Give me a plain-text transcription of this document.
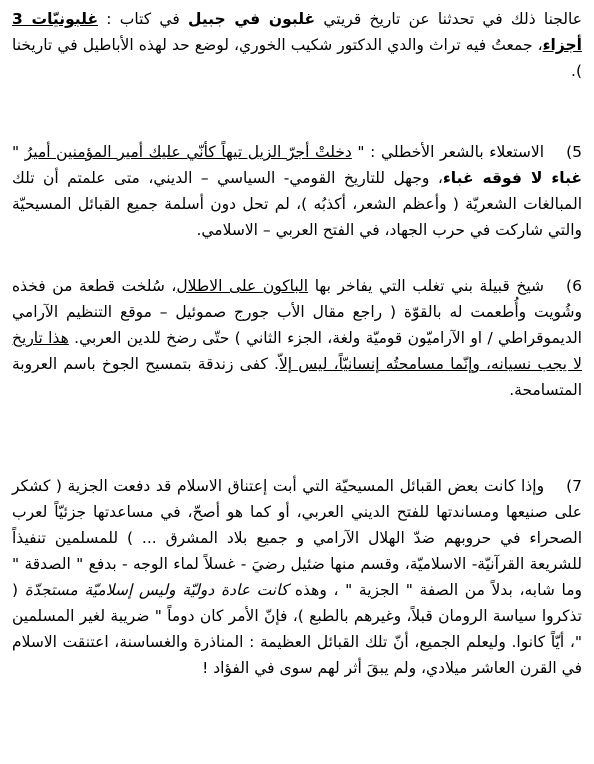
عالجنا ذلك في تحدثنا عن تاريخ قريتي غلبون في جبيل في كتاب : غلبونيّات 3 أجزاء، جمعتُ فيه تراث والدي الدكتور شكيب الخوري، لوضع حد لهذه الأباطيل في تاريخنا ).

5)الاستعلاء بالشعر الأخطلي : " دخلتْ أجرّ الزيل تيهاً كأنّي عليك أمير المؤمنين أميرُ " غباء لا فوقه غباء، وجهل للتاريخ القومي- السياسي – الديني، متى علمتم أن تلك المبالغات الشعريّة ( وأعظم الشعر، أكذبُه )، لم تحل دون أسلمة جميع القبائل المسيحيّة والتي شاركت في حرب الجهاد، في الفتح العربي – الاسلامي.

6)شيخ قبيلة بني تغلب التي يفاخر بها الباكون على الاطلال، سُلخت قطعة من فخذه وشُويت وأُطعمت له بالقوّة ( راجع مقال الأب جورج صموئيل – موقع التنظيم الآرامي الديموقراطي / او الآراميّون قوميّة ولغة، الجزء الثاني ) حتّى رضخ للدين العربي. هذا تاريخ لا يجب نسيانه، وإنّما مسامحتُه إنسانيّاً، ليس إلاّ. كفى زندقة بتمسيح الجوخ باسم العروبة المتسامحة.

7)وإذا كانت بعض القبائل المسيحيّة التي أبت إعتناق الاسلام قد دفعت الجزية ( كشكر على صنيعها ومساندتها للفتح الديني العربي، أو كما هو أصحّ، في مساعدتها جزئيّاً لعرب الصحراء في حروبهم ضدّ الهلال الآرامي و جميع بلاد المشرق ... ) للمسلمين تنفيذاً للشريعة القرآنيّة- الاسلاميّة، وقسم منها ضئيل رضيَ - غسلاً لماء الوجه - بدفع " الصدقة " وما شابه، بدلاً من الصفة " الجزية " ، وهذه كانت عادة دوليّة وليس إسلاميّة مستجدّة ( تذكروا سياسة الرومان قبلاً، وغيرهم بالطبع )، فإنّ الأمر كان دوماً " ضريبة لغير المسلمين "، أيّاً كانوا. وليعلم الجميع، أنّ تلك القبائل العظيمة : المناذرة والغساسنة، اعتنقت الاسلام في القرن العاشر ميلادي، ولم يبقَ أثر لهم سوى في الفؤاد !
